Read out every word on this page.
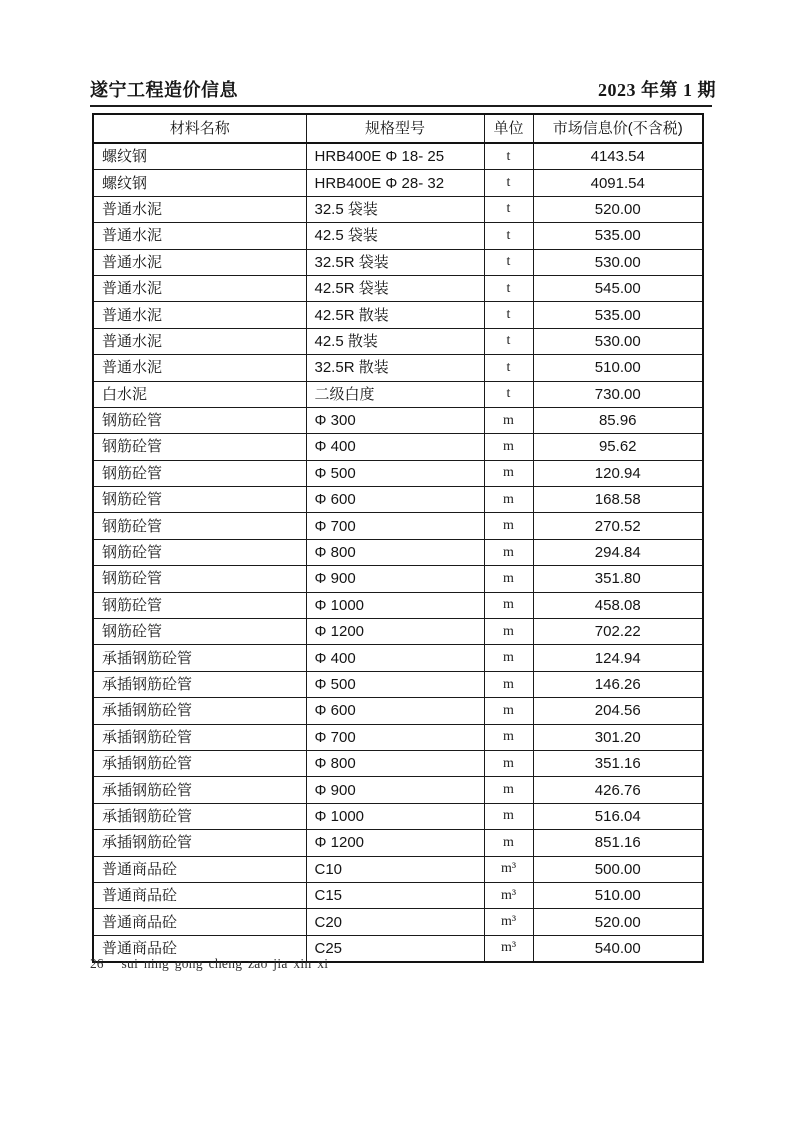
遂宁工程造价信息	2023 年第 1 期
材料名称	规格型号	单位	市场信息价(不含税)
螺纹钢	HRB400E Φ 18- 25	t	4143.54
螺纹钢	HRB400E Φ 28- 32	t	4091.54
普通水泥	32.5 袋装	t	520.00
普通水泥	42.5 袋装	t	535.00
普通水泥	32.5R 袋装	t	530.00
普通水泥	42.5R 袋装	t	545.00
普通水泥	42.5R 散装	t	535.00
普通水泥	42.5 散装	t	530.00
普通水泥	32.5R 散装	t	510.00
白水泥	二级白度	t	730.00
钢筋砼管	Φ 300	m	85.96
钢筋砼管	Φ 400	m	95.62
钢筋砼管	Φ 500	m	120.94
钢筋砼管	Φ 600	m	168.58
钢筋砼管	Φ 700	m	270.52
钢筋砼管	Φ 800	m	294.84
钢筋砼管	Φ 900	m	351.80
钢筋砼管	Φ 1000	m	458.08
钢筋砼管	Φ 1200	m	702.22
承插钢筋砼管	Φ 400	m	124.94
承插钢筋砼管	Φ 500	m	146.26
承插钢筋砼管	Φ 600	m	204.56
承插钢筋砼管	Φ 700	m	301.20
承插钢筋砼管	Φ 800	m	351.16
承插钢筋砼管	Φ 900	m	426.76
承插钢筋砼管	Φ 1000	m	516.04
承插钢筋砼管	Φ 1200	m	851.16
普通商品砼	C10	m³	500.00
普通商品砼	C15	m³	510.00
普通商品砼	C20	m³	520.00
普通商品砼	C25	m³	540.00
26 sui ning gong cheng zao jia xin xi
